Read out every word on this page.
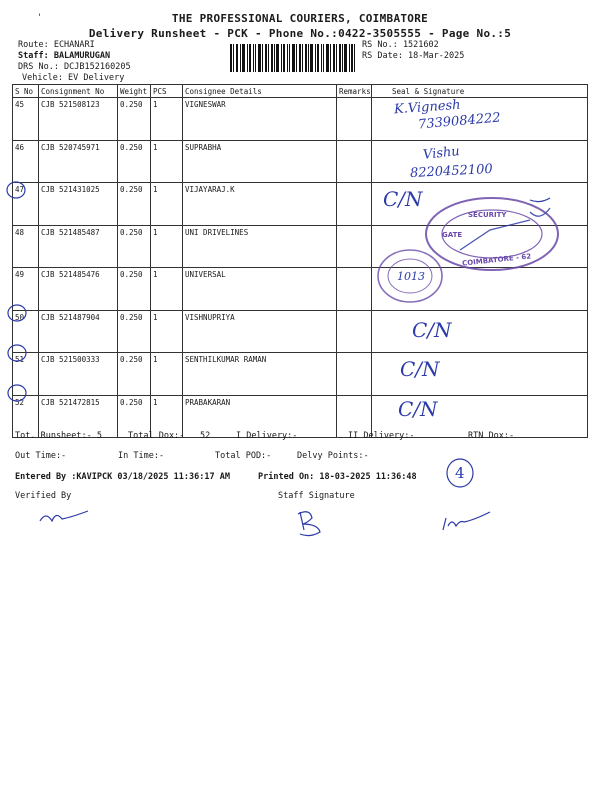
'	THE PROFESSIONAL COURIERS, COIMBATORE
Delivery Runsheet - PCK - Phone No.:0422-3505555 - Page No.:5
Route: ECHANARI
Staff: BALAMURUGAN
DRS No.: DCJB152160205
Vehicle: EV Delivery
RS No.: 1521602
RS Date: 18-Mar-2025
S No	Consignment No	Weight	PCS	Consignee Details	Remarks	Seal & Signature
45	CJB 521508123	0.250	1	VIGNESWAR		
46	CJB 520745971	0.250	1	SUPRABHA		
47	CJB 521431025	0.250	1	VIJAYARAJ.K		
48	CJB 521485487	0.250	1	UNI DRIVELINES		
49	CJB 521485476	0.250	1	UNIVERSAL		
50	CJB 521487904	0.250	1	VISHNUPRIYA		
51	CJB 521500333	0.250	1	SENTHILKUMAR RAMAN		
52	CJB 521472815	0.250	1	PRABAKARAN		
Tot. Runsheet:- 5	Total Dox:- 52	I Delivery:-	II Delivery:-	RTN Dox:-
Out Time:-	In Time:-	Total POD:-	Delvy Points:-
Entered By :KAVIPCK 03/18/2025 11:36:17 AM	Printed On: 18-03-2025 11:36:48
Verified By	Staff Signature
K.Vignesh
7339084222
Vishu
8220452100
C/N
C/N
C/N
C/N
4
SECURITY
GATE
COIMBATORE - 62
1013
